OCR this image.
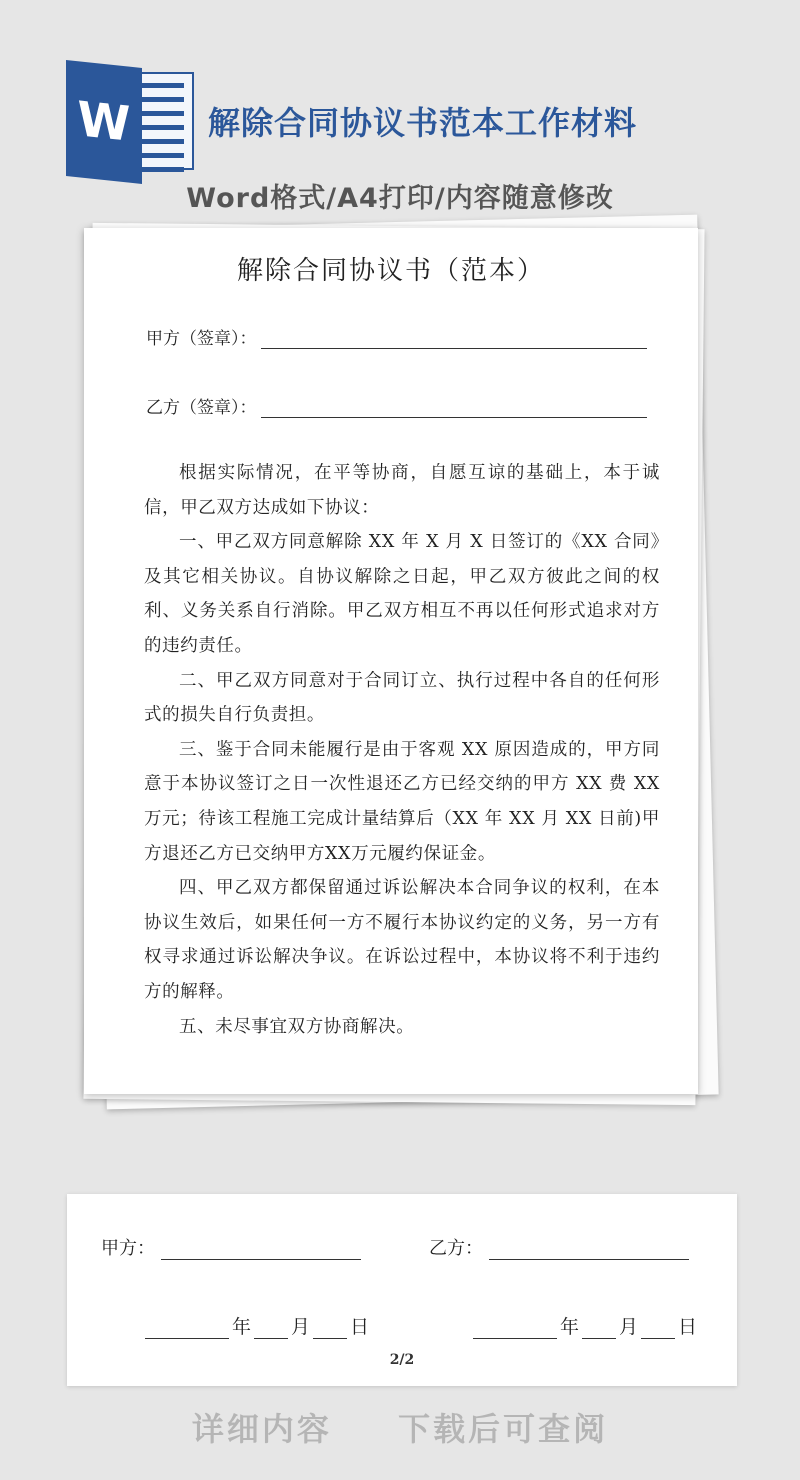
W	解除合同协议书范本工作材料
Word格式/A4打印/内容随意修改
解除合同协议书（范本）
甲方（签章）：
乙方（签章）：

根据实际情况，在平等协商，自愿互谅的基础上，本于诚信，甲乙双方达成如下协议：

一、甲乙双方同意解除 XX 年 X 月 X 日签订的《XX 合同》及其它相关协议。自协议解除之日起，甲乙双方彼此之间的权利、义务关系自行消除。甲乙双方相互不再以任何形式追求对方的违约责任。

二、甲乙双方同意对于合同订立、执行过程中各自的任何形式的损失自行负责担。

三、鉴于合同未能履行是由于客观 XX 原因造成的，甲方同意于本协议签订之日一次性退还乙方已经交纳的甲方 XX 费 XX 万元；待该工程施工完成计量结算后（XX 年 XX 月 XX 日前)甲方退还乙方已交纳甲方XX万元履约保证金。

四、甲乙双方都保留通过诉讼解决本合同争议的权利，在本协议生效后，如果任何一方不履行本协议约定的义务，另一方有权寻求通过诉讼解决争议。在诉讼过程中，本协议将不利于违约方的解释。

五、未尽事宜双方协商解决。

甲方：	乙方：
年 月 日	年 月 日
2/2
详细内容 下载后可查阅
